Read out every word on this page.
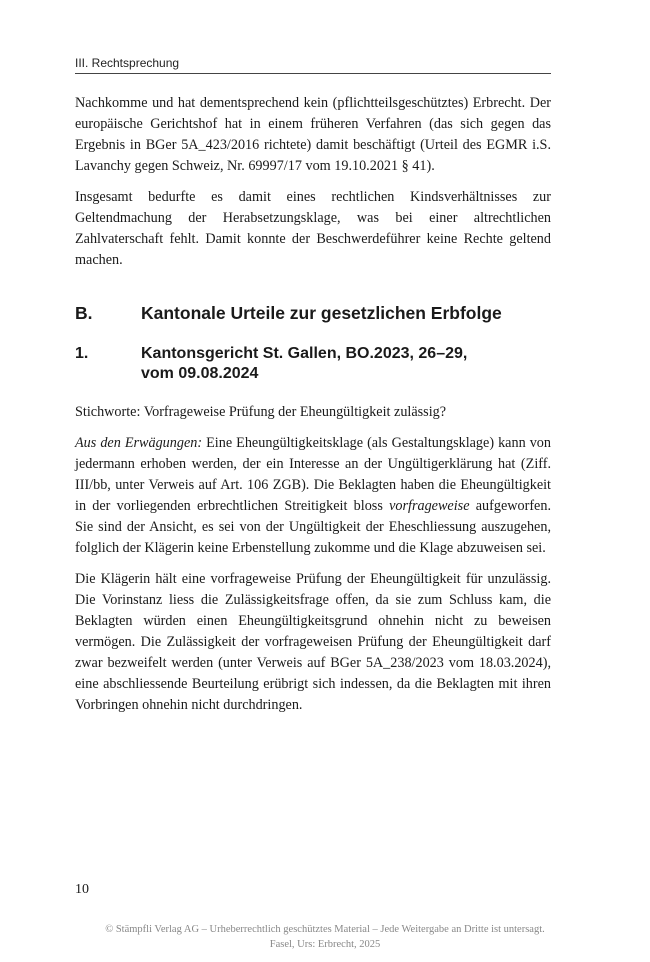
III. Rechtsprechung

Nachkomme und hat dementsprechend kein (pflichtteilsgeschütztes) Erbrecht. Der europäische Gerichtshof hat in einem früheren Verfahren (das sich gegen das Ergebnis in BGer 5A_423/2016 richtete) damit beschäftigt (Urteil des EGMR i.S. Lavanchy gegen Schweiz, Nr. 69997/17 vom 19.10.2021 § 41).

Insgesamt bedurfte es damit eines rechtlichen Kindsverhältnisses zur Geltendmachung der Herabsetzungsklage, was bei einer altrechtlichen Zahlvaterschaft fehlt. Damit konnte der Beschwerdeführer keine Rechte geltend machen.

B.	Kantonale Urteile zur gesetzlichen Erbfolge
1.	Kantonsgericht St. Gallen, BO.2023, 26–29,
vom 09.08.2024

Stichworte: Vorfrageweise Prüfung der Eheungültigkeit zulässig?

Aus den Erwägungen: Eine Eheungültigkeitsklage (als Gestaltungsklage) kann von jedermann erhoben werden, der ein Interesse an der Ungültigerklärung hat (Ziff. III/bb, unter Verweis auf Art. 106 ZGB). Die Beklagten haben die Eheungültigkeit in der vorliegenden erbrechtlichen Streitigkeit bloss vorfrageweise aufgeworfen. Sie sind der Ansicht, es sei von der Ungültigkeit der Eheschliessung auszugehen, folglich der Klägerin keine Erbenstellung zukomme und die Klage abzuweisen sei.

Die Klägerin hält eine vorfrageweise Prüfung der Eheungültigkeit für unzulässig. Die Vorinstanz liess die Zulässigkeitsfrage offen, da sie zum Schluss kam, die Beklagten würden einen Eheungültigkeitsgrund ohnehin nicht zu beweisen vermögen. Die Zulässigkeit der vorfrageweisen Prüfung der Eheungültigkeit darf zwar bezweifelt werden (unter Verweis auf BGer 5A_238/2023 vom 18.03.2024), eine abschliessende Beurteilung erübrigt sich indessen, da die Beklagten mit ihren Vorbringen ohnehin nicht durchdringen.

10
© Stämpfli Verlag AG – Urheberrechtlich geschütztes Material – Jede Weitergabe an Dritte ist untersagt.
Fasel, Urs: Erbrecht, 2025
